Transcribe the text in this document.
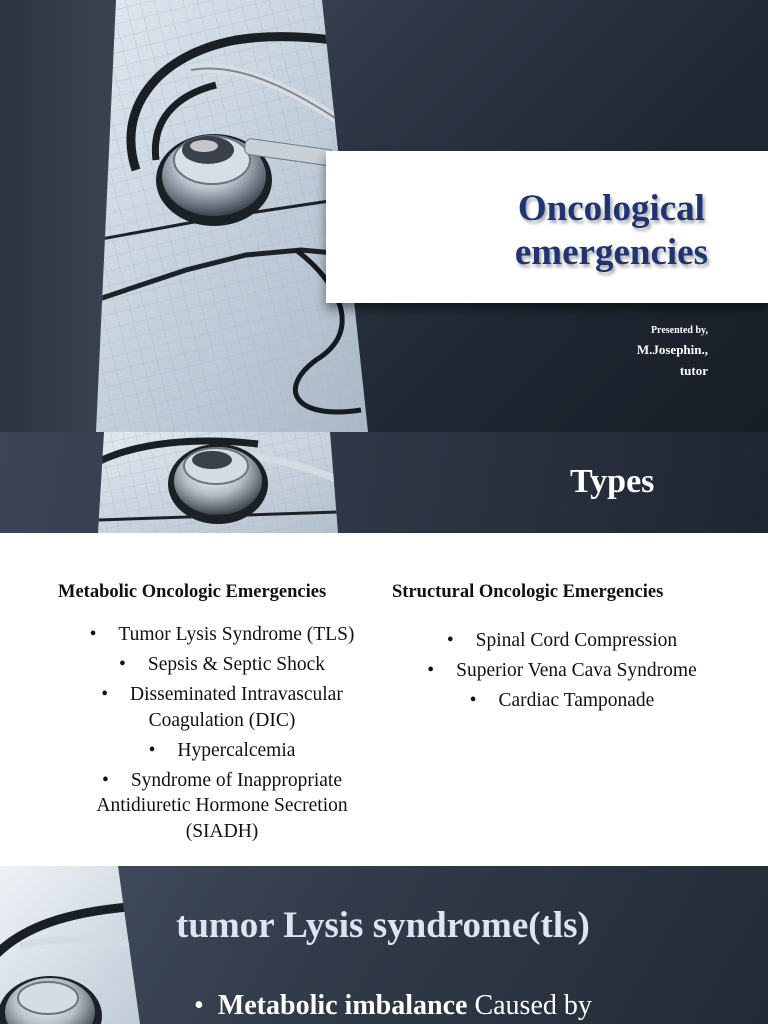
Oncological
emergencies
Presented by,
M.Josephin.,
tutor
Types
Metabolic Oncologic Emergencies	Structural Oncologic Emergencies
• Tumor Lysis Syndrome (TLS)
• Sepsis & Septic Shock
• Disseminated Intravascular
Coagulation (DIC)
• Hypercalcemia
• Syndrome of Inappropriate
Antidiuretic Hormone Secretion
(SIADH)
• Spinal Cord Compression
• Superior Vena Cava Syndrome
• Cardiac Tamponade
tumor Lysis syndrome(tls)
• Metabolic imbalance Caused by
